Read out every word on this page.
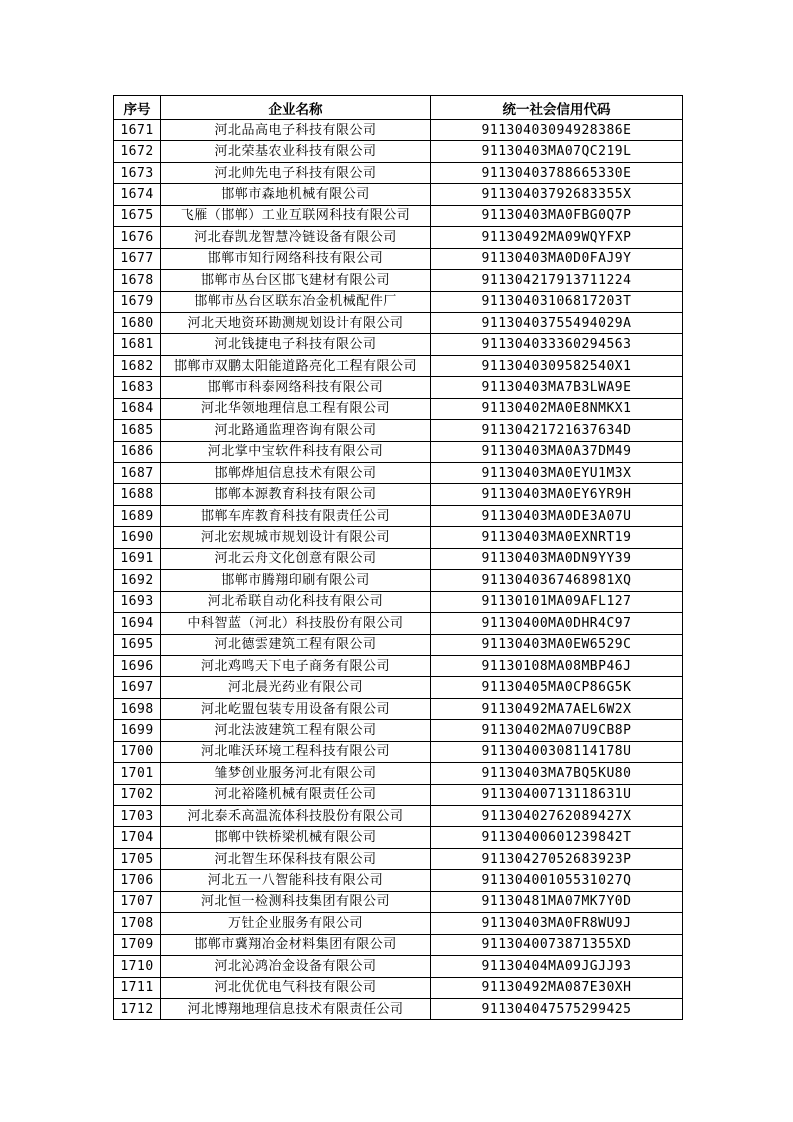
序号	企业名称	统一社会信用代码
1671	河北品高电子科技有限公司	91130403094928386E
1672	河北荣基农业科技有限公司	91130403MA07QC219L
1673	河北帅先电子科技有限公司	91130403788665330E
1674	邯郸市森地机械有限公司	91130403792683355X
1675	飞雁（邯郸）工业互联网科技有限公司	91130403MA0FBG0Q7P
1676	河北春凯龙智慧冷链设备有限公司	91130492MA09WQYFXP
1677	邯郸市知行网络科技有限公司	91130403MA0D0FAJ9Y
1678	邯郸市丛台区邯飞建材有限公司	911304217913711224
1679	邯郸市丛台区联东冶金机械配件厂	91130403106817203T
1680	河北天地资环勘测规划设计有限公司	91130403755494029A
1681	河北钱捷电子科技有限公司	911304033360294563
1682	邯郸市双鹏太阳能道路亮化工程有限公司	9113040309582540X1
1683	邯郸市科泰网络科技有限公司	91130403MA7B3LWA9E
1684	河北华领地理信息工程有限公司	91130402MA0E8NMKX1
1685	河北路通监理咨询有限公司	91130421721637634D
1686	河北掌中宝软件科技有限公司	91130403MA0A37DM49
1687	邯郸烨旭信息技术有限公司	91130403MA0EYU1M3X
1688	邯郸本源教育科技有限公司	91130403MA0EY6YR9H
1689	邯郸车库教育科技有限责任公司	91130403MA0DE3A07U
1690	河北宏规城市规划设计有限公司	91130403MA0EXNRT19
1691	河北云舟文化创意有限公司	91130403MA0DN9YY39
1692	邯郸市腾翔印刷有限公司	9113040367468981XQ
1693	河北希联自动化科技有限公司	91130101MA09AFL127
1694	中科智蓝（河北）科技股份有限公司	91130400MA0DHR4C97
1695	河北德雲建筑工程有限公司	91130403MA0EW6529C
1696	河北鸡鸣天下电子商务有限公司	91130108MA08MBP46J
1697	河北晨光药业有限公司	91130405MA0CP86G5K
1698	河北屹盟包装专用设备有限公司	91130492MA7AEL6W2X
1699	河北法波建筑工程有限公司	91130402MA07U9CB8P
1700	河北唯沃环境工程科技有限公司	91130400308114178U
1701	雏梦创业服务河北有限公司	91130403MA7BQ5KU80
1702	河北裕隆机械有限责任公司	91130400713118631U
1703	河北泰禾高温流体科技股份有限公司	91130402762089427X
1704	邯郸中铁桥梁机械有限公司	91130400601239842T
1705	河北智生环保科技有限公司	91130427052683923P
1706	河北五一八智能科技有限公司	91130400105531027Q
1707	河北恒一检测科技集团有限公司	91130481MA07MK7Y0D
1708	万钍企业服务有限公司	91130403MA0FR8WU9J
1709	邯郸市冀翔冶金材料集团有限公司	9113040073871355XD
1710	河北沁鸿冶金设备有限公司	91130404MA09JGJJ93
1711	河北优优电气科技有限公司	91130492MA087E30XH
1712	河北博翔地理信息技术有限责任公司	911304047575299425
